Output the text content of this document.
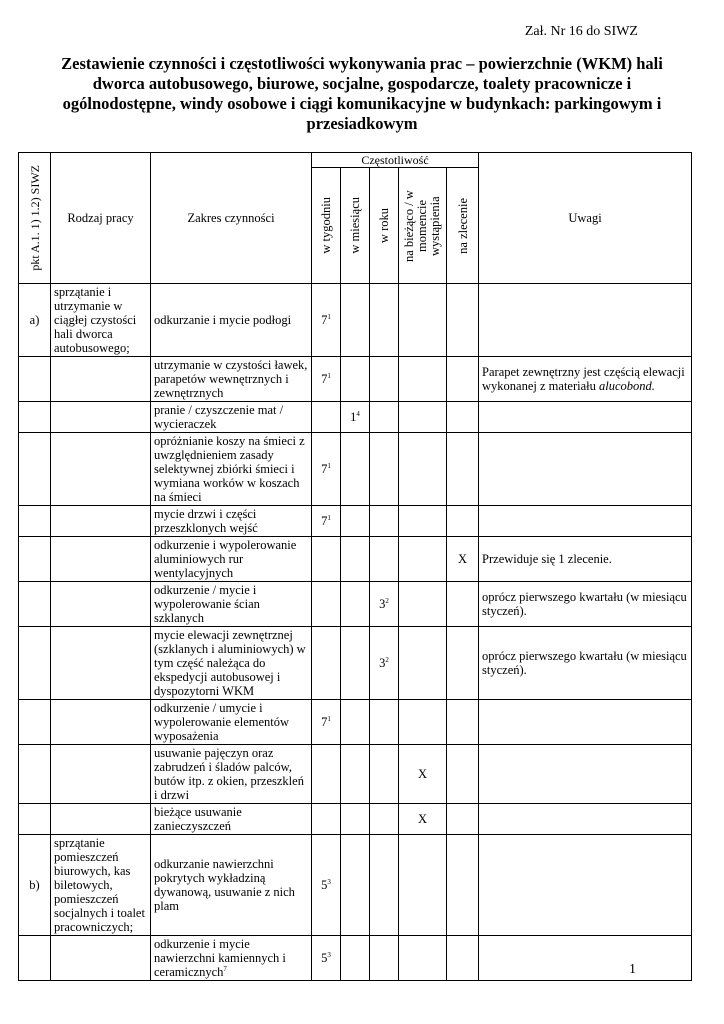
Zał. Nr 16 do SIWZ
Zestawienie czynności i częstotliwości wykonywania prac – powierzchnie (WKM) hali dworca autobusowego, biurowe, socjalne, gospodarcze, toalety pracownicze i ogólnodostępne, windy osobowe i ciągi komunikacyjne w budynkach: parkingowym i przesiadkowym
pkt A.1. 1) 1.2) SIWZ	Rodzaj pracy	Zakres czynności	Częstotliwość					Uwagi

			w tygodniu	w miesiącu	w roku	na bieżąco / w momencie wystąpienia	na zlecenie	

a)	sprzątanie i utrzymanie w ciągłej czystości hali dworca autobusowego;	odkurzanie i mycie podłogi	$7^1$					
		utrzymanie w czystości ławek, parapetów wewnętrznych i zewnętrznych	$7^1$					Parapet zewnętrzny jest częścią elewacji wykonanej z materiału alucobond.
		pranie / czyszczenie mat / wycieraczek		$1^4$				
		opróżnianie koszy na śmieci z uwzględnieniem zasady selektywnej zbiórki śmieci i wymiana worków w koszach na śmieci	$7^1$					
		mycie drzwi i części przeszklonych wejść	$7^1$					
		odkurzenie i wypolerowanie aluminiowych rur wentylacyjnych					X	Przewiduje się 1 zlecenie.
		odkurzenie / mycie i wypolerowanie ścian szklanych			$3^2$			oprócz pierwszego kwartału (w miesiącu styczeń).
		mycie elewacji zewnętrznej (szklanych i aluminiowych) w tym część należąca do ekspedycji autobusowej i dyspozytorni WKM			$3^2$			oprócz pierwszego kwartału (w miesiącu styczeń).
		odkurzenie / umycie i wypolerowanie elementów wyposażenia	$7^1$					
		usuwanie pajęczyn oraz zabrudzeń i śladów palców, butów itp. z okien, przeszkleń i drzwi				X		
		bieżące usuwanie zanieczyszczeń				X		
b)	sprzątanie pomieszczeń biurowych, kas biletowych, pomieszczeń socjalnych i toalet pracowniczych;	odkurzanie nawierzchni pokrytych wykładziną dywanową, usuwanie z nich plam	$5^3$					
		odkurzenie i mycie nawierzchni kamiennych i ceramicznych$^7$	$5^3$					
1
